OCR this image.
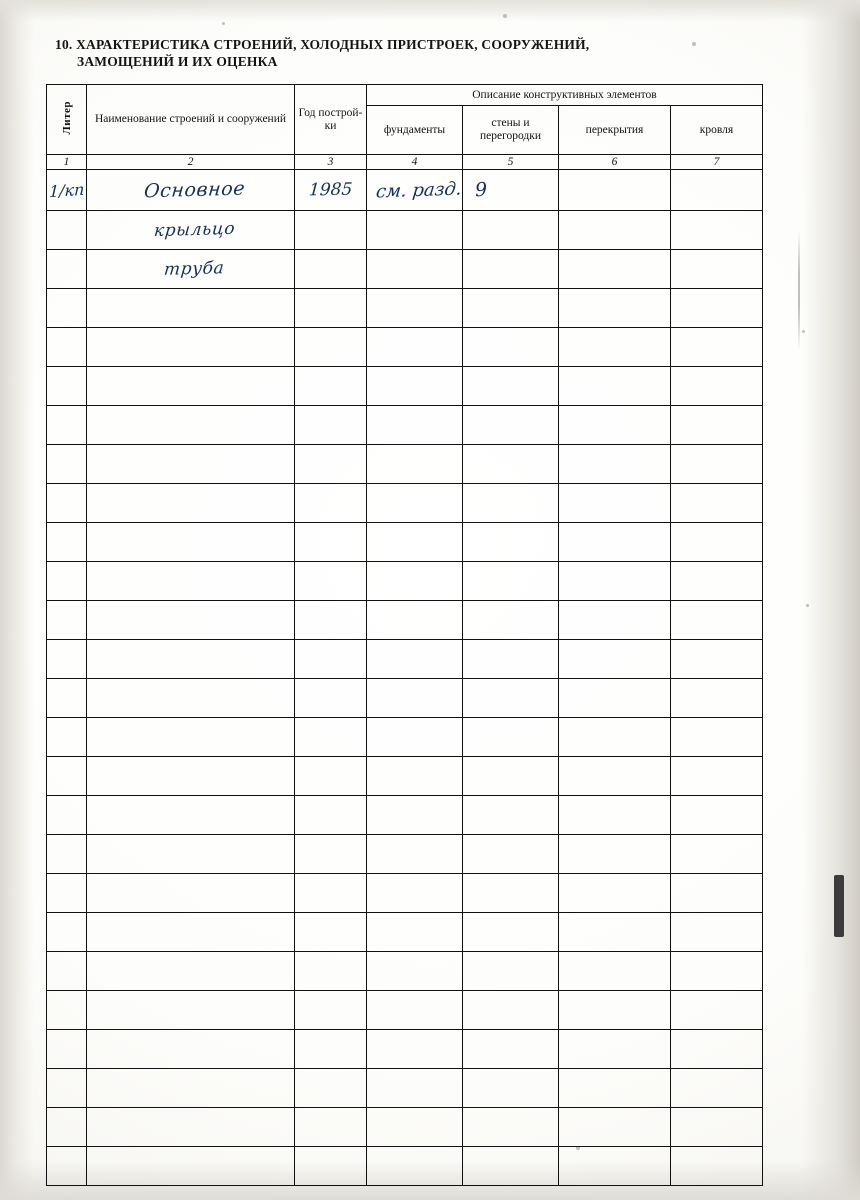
10. ХАРАКТЕРИСТИКА СТРОЕНИЙ, ХОЛОДНЫХ ПРИСТРОЕК, СООРУЖЕНИЙ,
ЗАМОЩЕНИЙ И ИХ ОЦЕНКА
Литер	Наименование строений и сооружений	Год построй-ки	Описание конструктивных элементов			
			фундаменты	стены и перегородки	перекрытия	кровля
1	2	3	4	5	6	7
1/кп	Основное	1985	см. разд.	9		

	крыльцо					
	труба					
